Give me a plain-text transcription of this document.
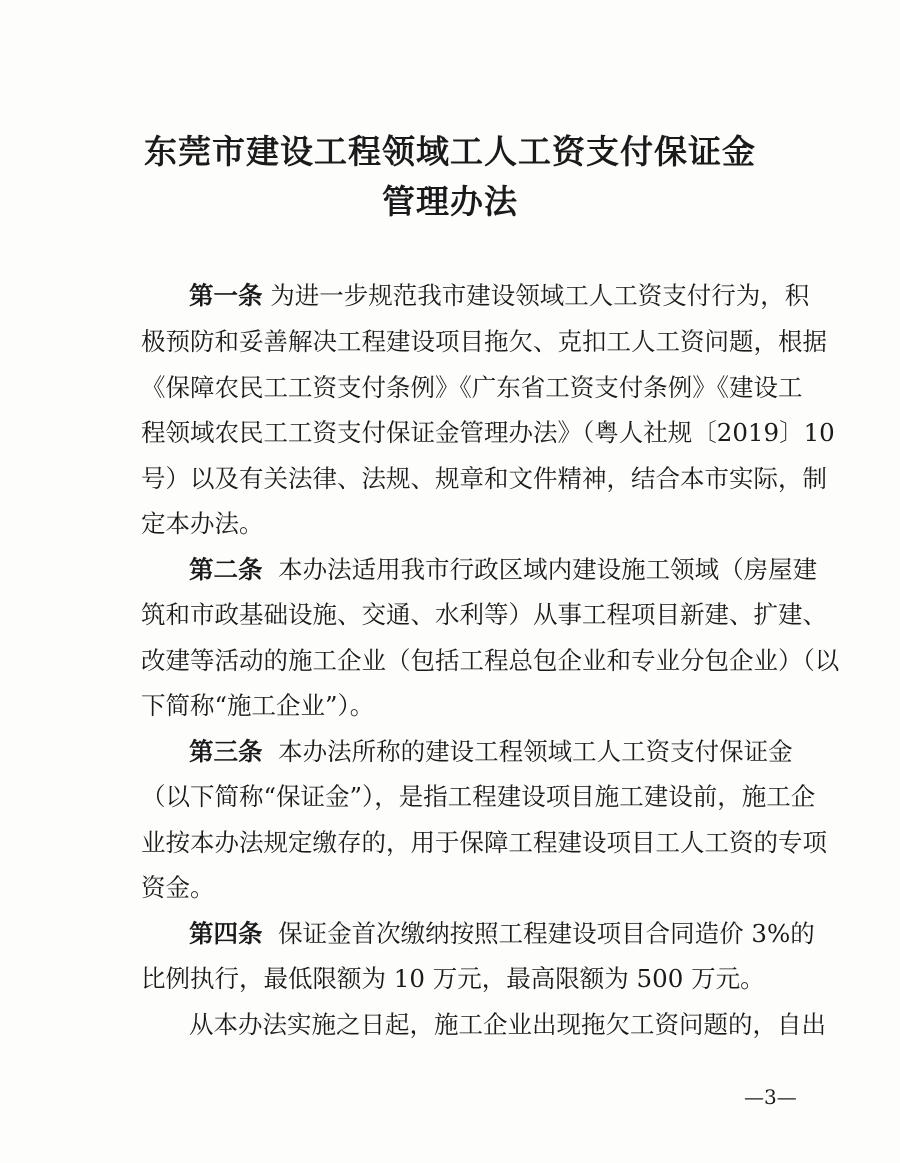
东莞市建设工程领域工人工资支付保证金
管理办法
第一条 为进一步规范我市建设领域工人工资支付行为，积
极预防和妥善解决工程建设项目拖欠、克扣工人工资问题，根据
《保障农民工工资支付条例》《广东省工资支付条例》《建设工
程领域农民工工资支付保证金管理办法》（粤人社规〔2019〕10
号）以及有关法律、法规、规章和文件精神，结合本市实际，制
定本办法。
第二条 本办法适用我市行政区域内建设施工领域（房屋建
筑和市政基础设施、交通、水利等）从事工程项目新建、扩建、
改建等活动的施工企业（包括工程总包企业和专业分包企业）（以
下简称“施工企业”）。
第三条 本办法所称的建设工程领域工人工资支付保证金
（以下简称“保证金”），是指工程建设项目施工建设前，施工企
业按本办法规定缴存的，用于保障工程建设项目工人工资的专项
资金。
第四条 保证金首次缴纳按照工程建设项目合同造价 3%的
比例执行，最低限额为 10 万元，最高限额为 500 万元。
从本办法实施之日起，施工企业出现拖欠工资问题的，自出
—3—
